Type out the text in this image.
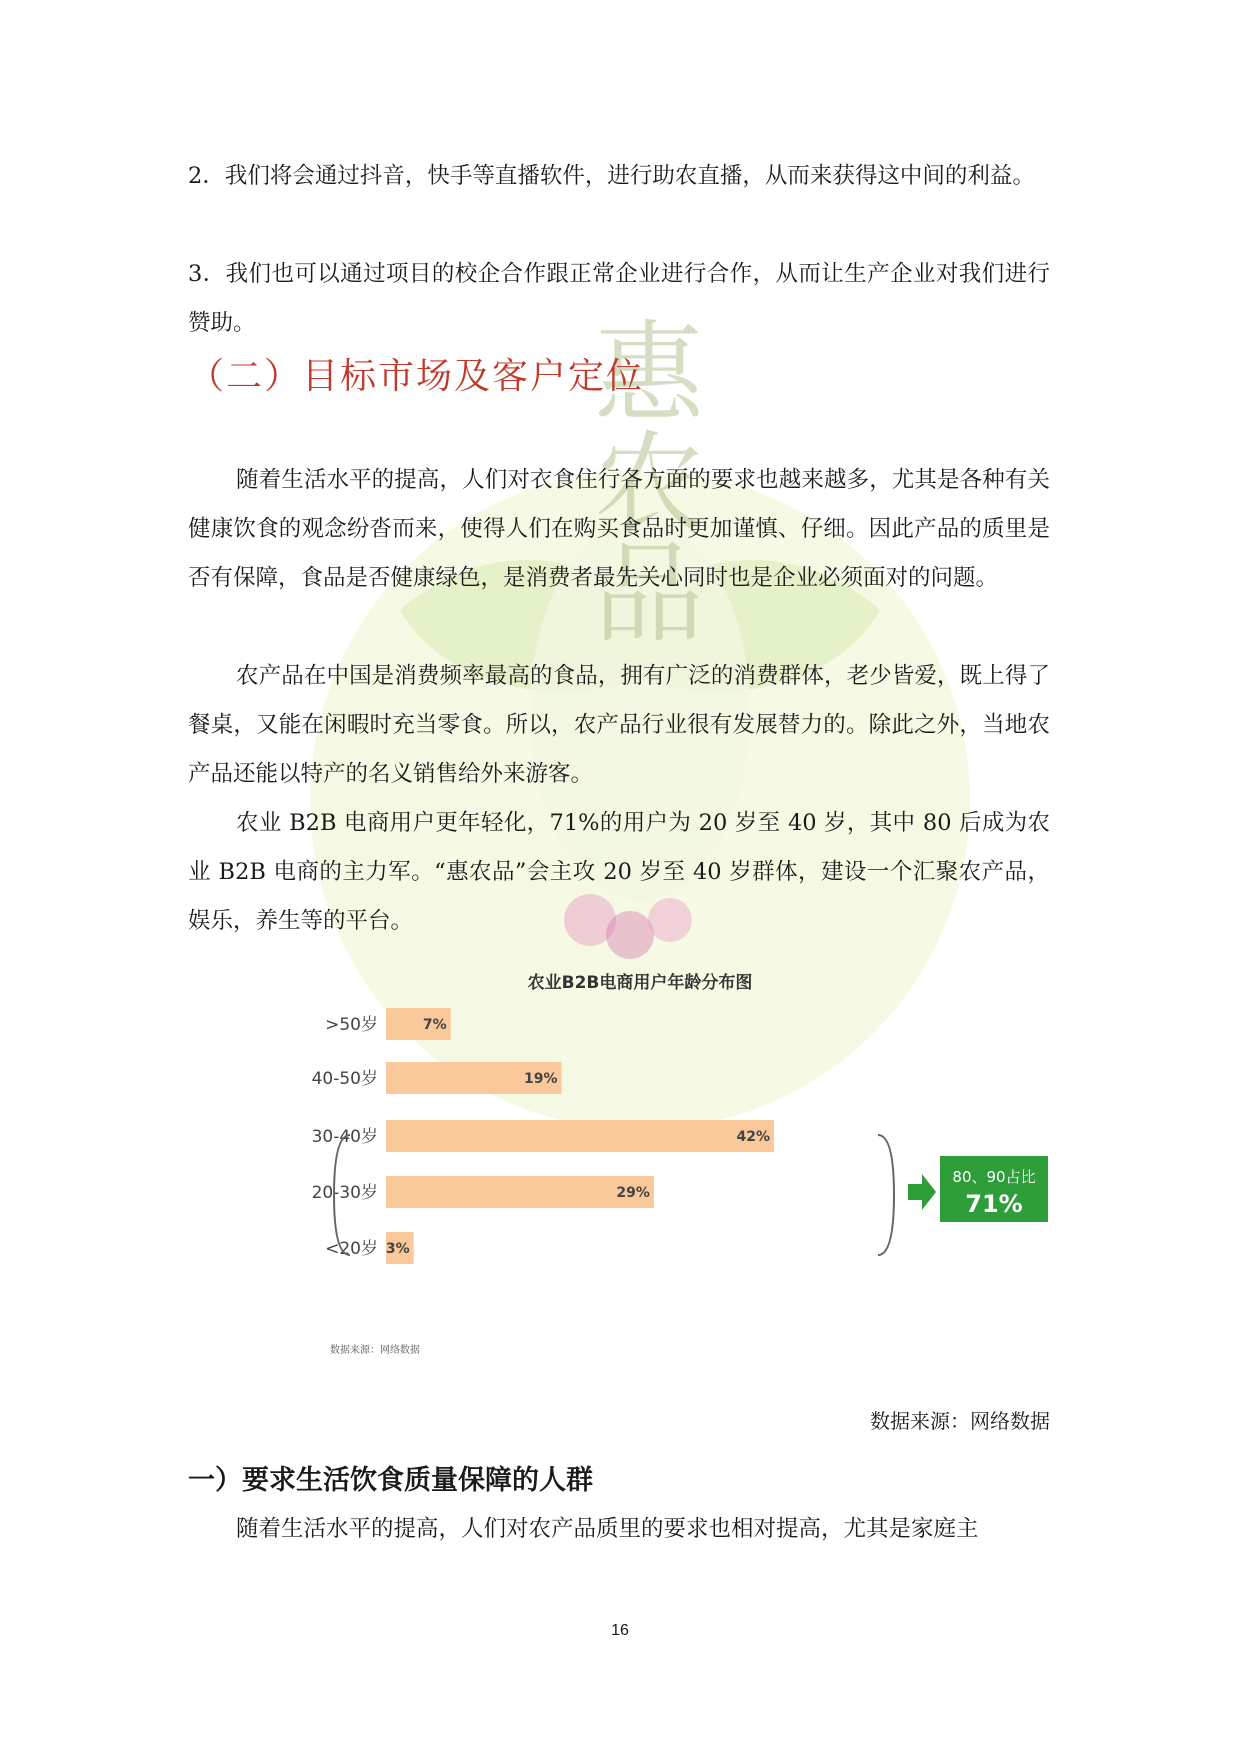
惠农品

2．我们将会通过抖音，快手等直播软件，进行助农直播，从而来获得这中间的利益。

3．我们也可以通过项目的校企合作跟正常企业进行合作，从而让生产企业对我们进行赞助。

（二）目标市场及客户定位

随着生活水平的提高，人们对衣食住行各方面的要求也越来越多，尤其是各种有关健康饮食的观念纷沓而来，使得人们在购买食品时更加谨慎、仔细。因此产品的质里是否有保障，食品是否健康绿色，是消费者最先关心同时也是企业必须面对的问题。

农产品在中国是消费频率最高的食品，拥有广泛的消费群体，老少皆爱，既上得了餐桌，又能在闲暇时充当零食。所以，农产品行业很有发展替力的。除此之外，当地农产品还能以特产的名义销售给外来游客。

农业 B2B 电商用户更年轻化，71%的用户为 20 岁至 40 岁，其中 80 后成为农业 B2B 电商的主力军。“惠农品”会主攻 20 岁至 40 岁群体，建设一个汇聚农产品，娱乐，养生等的平台。

农业B2B电商用户年龄分布图
>50岁	7%
40-50岁	19%
30-40岁	42%
20-30岁	29%
<20岁 3%
80、90占比
71%
数据来源：网络数据
数据来源：网络数据
一）要求生活饮食质量保障的人群

随着生活水平的提高，人们对农产品质里的要求也相对提高，尤其是家庭主

16
